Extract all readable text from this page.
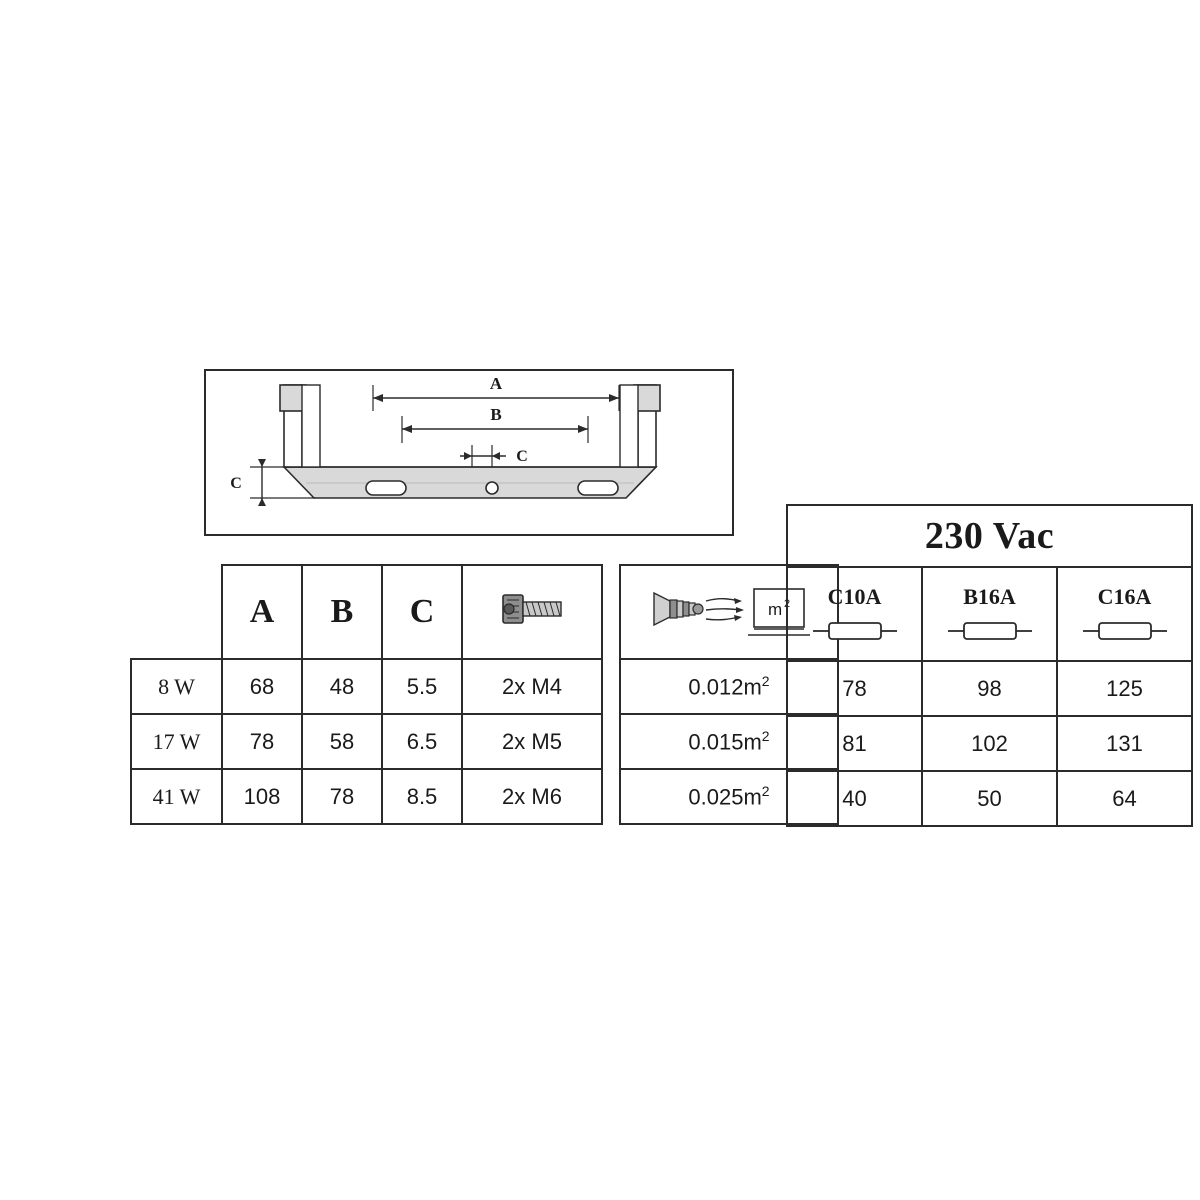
A
B
C
C
	A	B	C			m 2

8 W	68	48	5.5	2x M4		$0.012m^2$
17 W	78	58	6.5	2x M5		$0.015m^2$
41 W	108	78	8.5	2x M6		$0.025m^2$
230 Vac		

C10A	B16A	C16A

78	98	125
81	102	131
40	50	64
